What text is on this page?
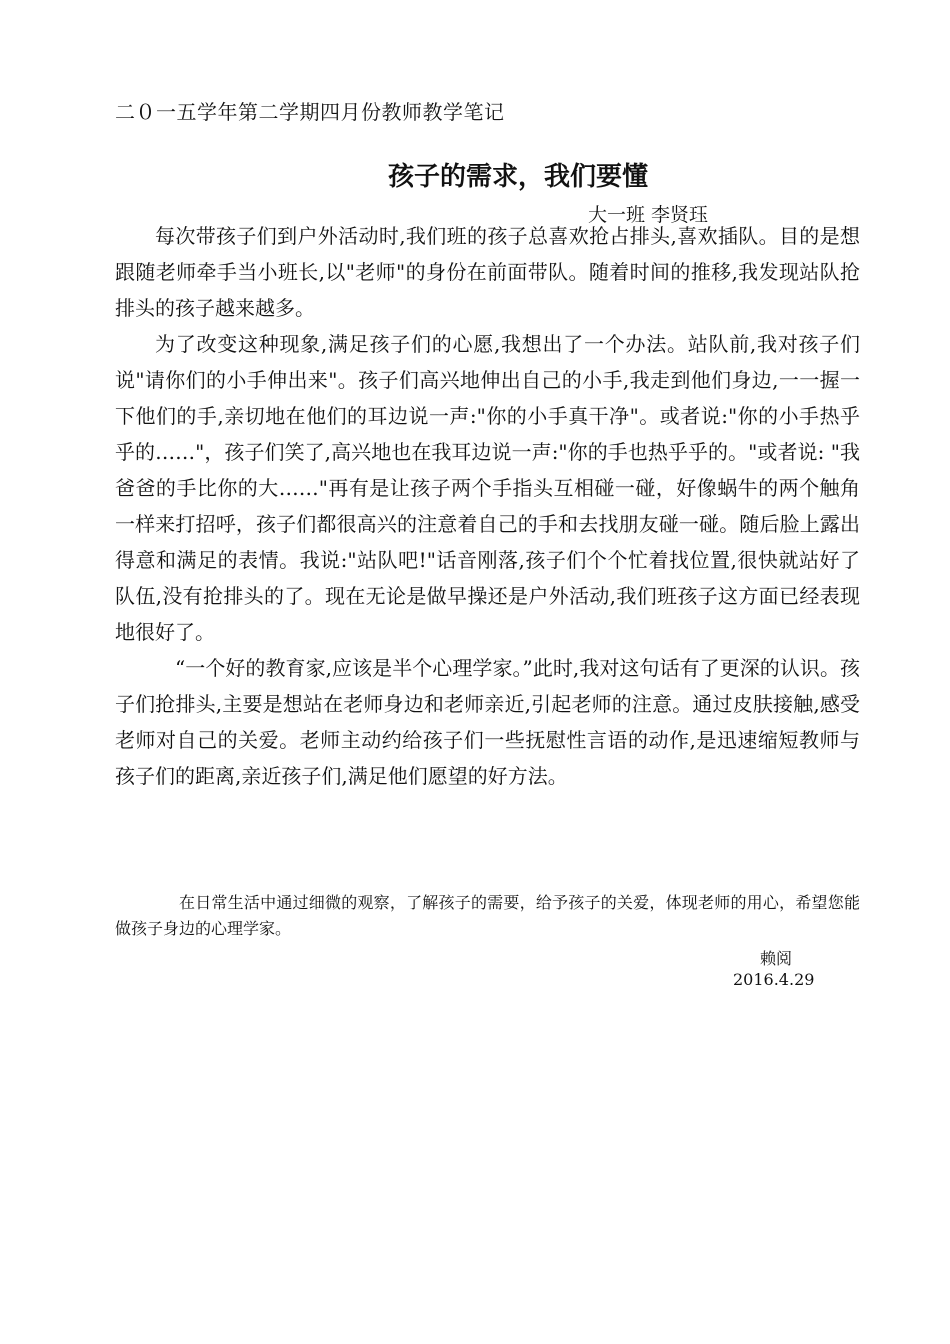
二０一五学年第二学期四月份教师教学笔记
孩子的需求，我们要懂
大一班 李贤珏

每次带孩子们到户外活动时,我们班的孩子总喜欢抢占排头,喜欢插队。目的是想跟随老师牵手当小班长,以"老师"的身份在前面带队。随着时间的推移,我发现站队抢排头的孩子越来越多。

为了改变这种现象,满足孩子们的心愿,我想出了一个办法。站队前,我对孩子们说"请你们的小手伸出来"。孩子们高兴地伸出自己的小手,我走到他们身边,一一握一下他们的手,亲切地在他们的耳边说一声:"你的小手真干净"。或者说:"你的小手热乎乎的……"，孩子们笑了,高兴地也在我耳边说一声:"你的手也热乎乎的。"或者说: "我爸爸的手比你的大……"再有是让孩子两个手指头互相碰一碰，好像蜗牛的两个触角一样来打招呼，孩子们都很高兴的注意着自己的手和去找朋友碰一碰。随后脸上露出得意和满足的表情。我说:"站队吧!"话音刚落,孩子们个个忙着找位置,很快就站好了队伍,没有抢排头的了。现在无论是做早操还是户外活动,我们班孩子这方面已经表现地很好了。

“一个好的教育家,应该是半个心理学家。”此时,我对这句话有了更深的认识。孩子们抢排头,主要是想站在老师身边和老师亲近,引起老师的注意。通过皮肤接触,感受老师对自己的关爱。老师主动约给孩子们一些抚慰性言语的动作,是迅速缩短教师与孩子们的距离,亲近孩子们,满足他们愿望的好方法。

在日常生活中通过细微的观察，了解孩子的需要，给予孩子的关爱，体现老师的用心，希望您能做孩子身边的心理学家。
赖阅
2016.4.29
